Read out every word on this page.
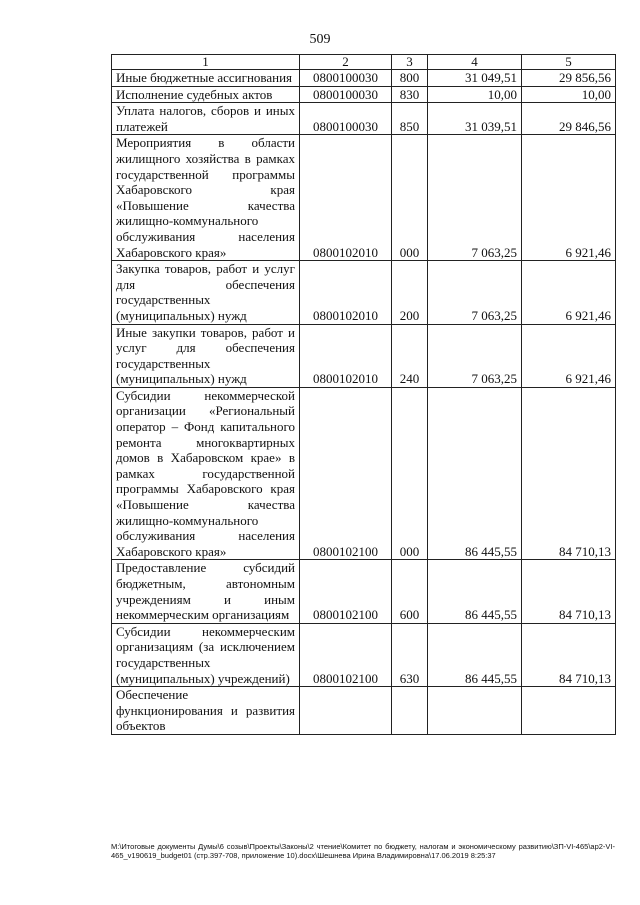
509
1	2	3	4	5
Иные бюджетные ассигнования	0800100030	800	31 049,51	29 856,56
Исполнение судебных актов	0800100030	830	10,00	10,00
Уплата налогов, сборов и иных платежей	0800100030	850	31 039,51	29 846,56
Мероприятия в области жилищного хозяйства в рамках государственной программы Хабаровского края «Повышение качества жилищно-коммунального обслуживания населения Хабаровского края»	0800102010	000	7 063,25	6 921,46
Закупка товаров, работ и услуг для обеспечения государственных (муниципальных) нужд	0800102010	200	7 063,25	6 921,46
Иные закупки товаров, работ и услуг для обеспечения государственных (муниципальных) нужд	0800102010	240	7 063,25	6 921,46
Субсидии некоммерческой организации «Региональный оператор – Фонд капитального ремонта многоквартирных домов в Хабаровском крае» в рамках государственной программы Хабаровского края «Повышение качества жилищно-коммунального обслуживания населения Хабаровского края»	0800102100	000	86 445,55	84 710,13
Предоставление субсидий бюджетным, автономным учреждениям и иным некоммерческим организациям	0800102100	600	86 445,55	84 710,13
Субсидии некоммерческим организациям (за исключением государственных (муниципальных) учреждений)	0800102100	630	86 445,55	84 710,13
Обеспечение функционирования и развития объектов				
M:\Итоговые документы Думы\6 созыв\Проекты\Законы\2 чтение\Комитет по бюджету, налогам и экономическому развитию\ЗП-VI-465\ap2-VI-465_v190619_budget01 (стр.397-708, приложение 10).docx\Шешнева Ирина Владимировна\17.06.2019 8:25:37
